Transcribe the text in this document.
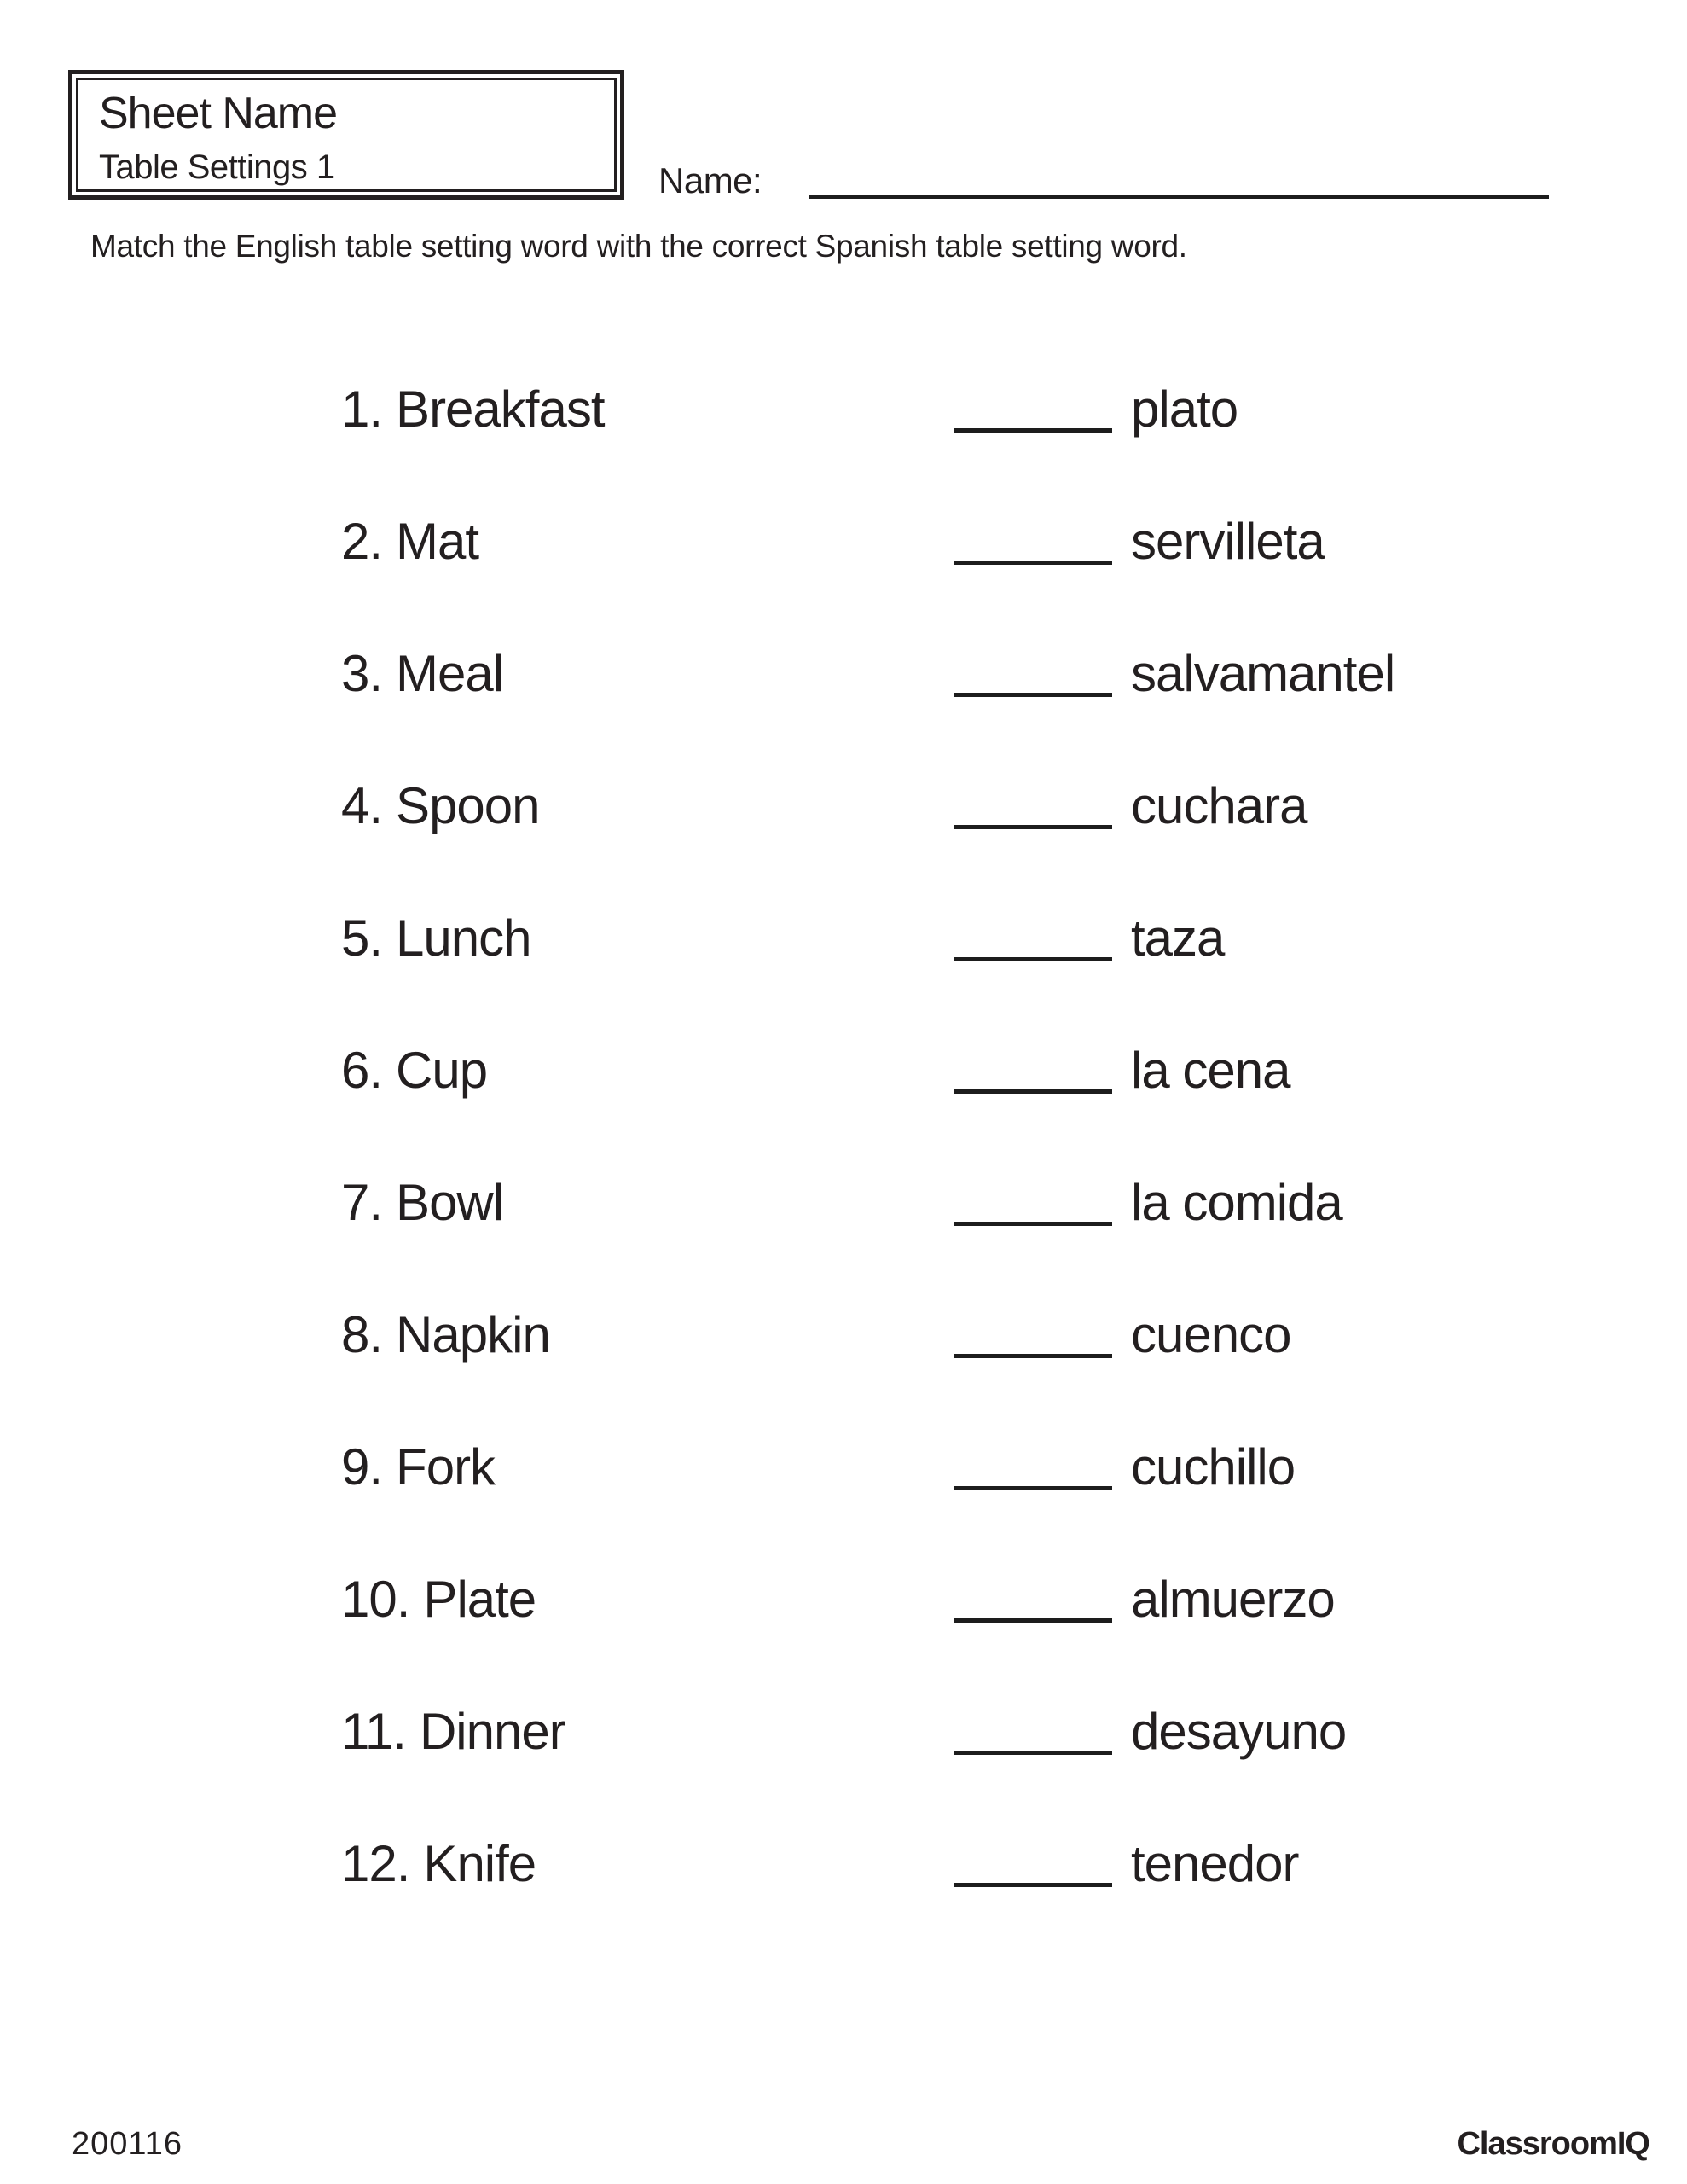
Sheet Name
Table Settings 1	Name:
Match the English table setting word with the correct Spanish table setting word.
1. Breakfast	plato
2. Mat	servilleta
3. Meal	salvamantel
4. Spoon	cuchara
5. Lunch	taza
6. Cup	la cena
7. Bowl	la comida
8. Napkin	cuenco
9. Fork	cuchillo
10. Plate	almuerzo
11. Dinner	desayuno
12. Knife	tenedor
200116	ClassroomIQ
